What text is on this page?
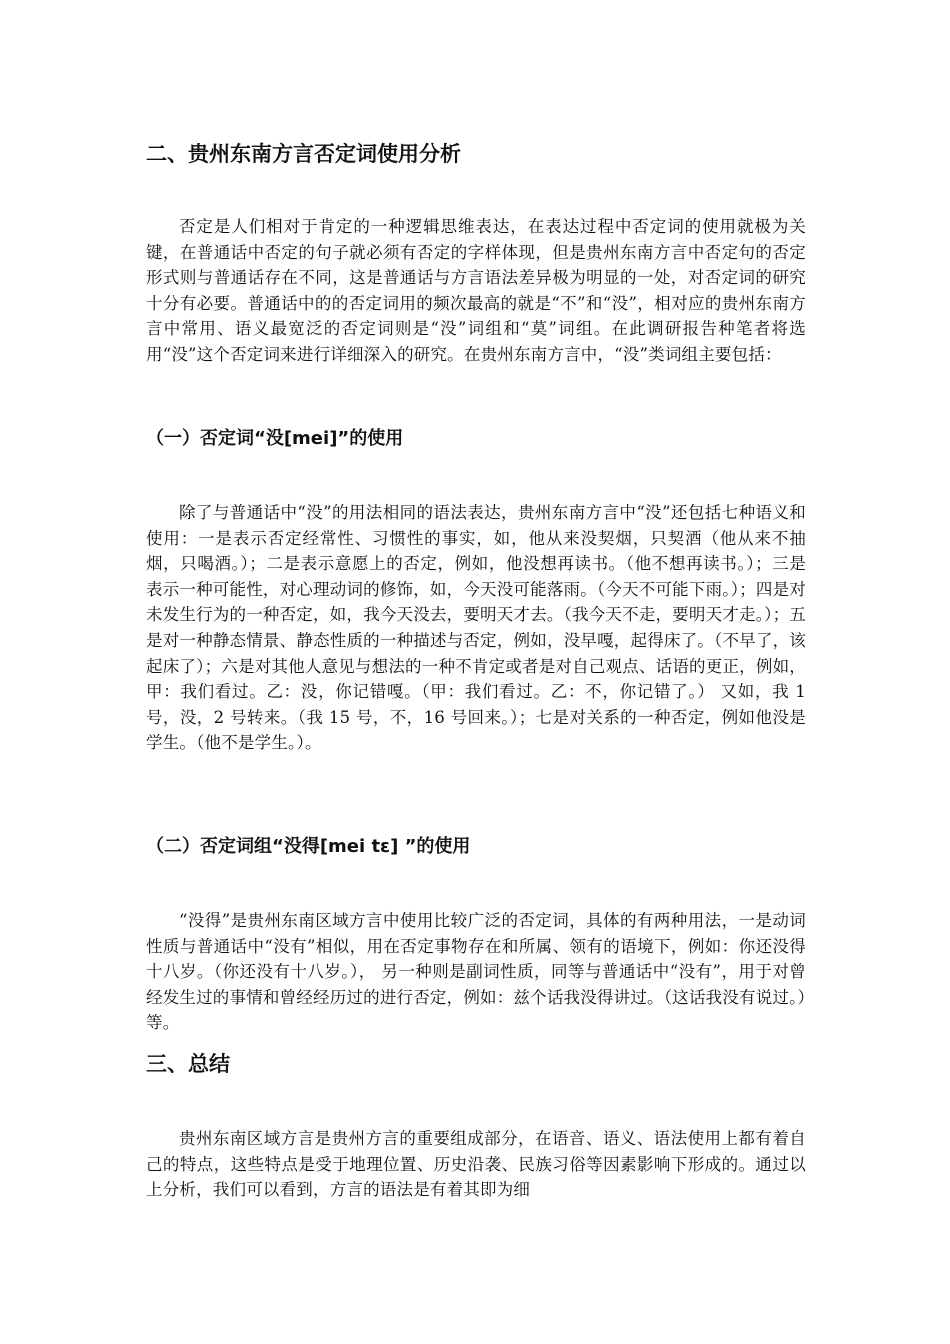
二、贵州东南方言否定词使用分析
否定是人们相对于肯定的一种逻辑思维表达，在表达过程中否定词的使用就极为关键，在普通话中否定的句子就必须有否定的字样体现，但是贵州东南方言中否定句的否定形式则与普通话存在不同，这是普通话与方言语法差异极为明显的一处，对否定词的研究十分有必要。普通话中的的否定词用的频次最高的就是“不”和“没”，相对应的贵州东南方言中常用、语义最宽泛的否定词则是“没”词组和“莫”词组。在此调研报告种笔者将选用“没”这个否定词来进行详细深入的研究。在贵州东南方言中，“没”类词组主要包括：
（一）否定词“没[mei]”的使用
除了与普通话中“没”的用法相同的语法表达，贵州东南方言中“没”还包括七种语义和使用：一是表示否定经常性、习惯性的事实，如，他从来没契烟，只契酒（他从来不抽烟，只喝酒。）；二是表示意愿上的否定，例如，他没想再读书。（他不想再读书。）；三是表示一种可能性，对心理动词的修饰，如，今天没可能落雨。（今天不可能下雨。）；四是对未发生行为的一种否定，如，我今天没去，要明天才去。（我今天不走，要明天才走。）；五是对一种静态情景、静态性质的一种描述与否定，例如，没早嘎，起得床了。（不早了，该起床了）；六是对其他人意见与想法的一种不肯定或者是对自己观点、话语的更正，例如，甲：我们看过。乙：没，你记错嘎。（甲：我们看过。乙：不，你记错了。） 又如，我 1 号，没，2 号转来。（我 15 号，不，16 号回来。）；七是对关系的一种否定，例如他没是学生。（他不是学生。）。
（二）否定词组“没得[mei tɛ] ”的使用
“没得”是贵州东南区域方言中使用比较广泛的否定词，具体的有两种用法，一是动词性质与普通话中“没有”相似，用在否定事物存在和所属、领有的语境下，例如：你还没得十八岁。（你还没有十八岁。）， 另一种则是副词性质，同等与普通话中“没有”，用于对曾经发生过的事情和曾经经历过的进行否定，例如：兹个话我没得讲过。（这话我没有说过。）等。
三、总结
贵州东南区域方言是贵州方言的重要组成部分，在语音、语义、语法使用上都有着自己的特点，这些特点是受于地理位置、历史沿袭、民族习俗等因素影响下形成的。通过以上分析，我们可以看到，方言的语法是有着其即为细
